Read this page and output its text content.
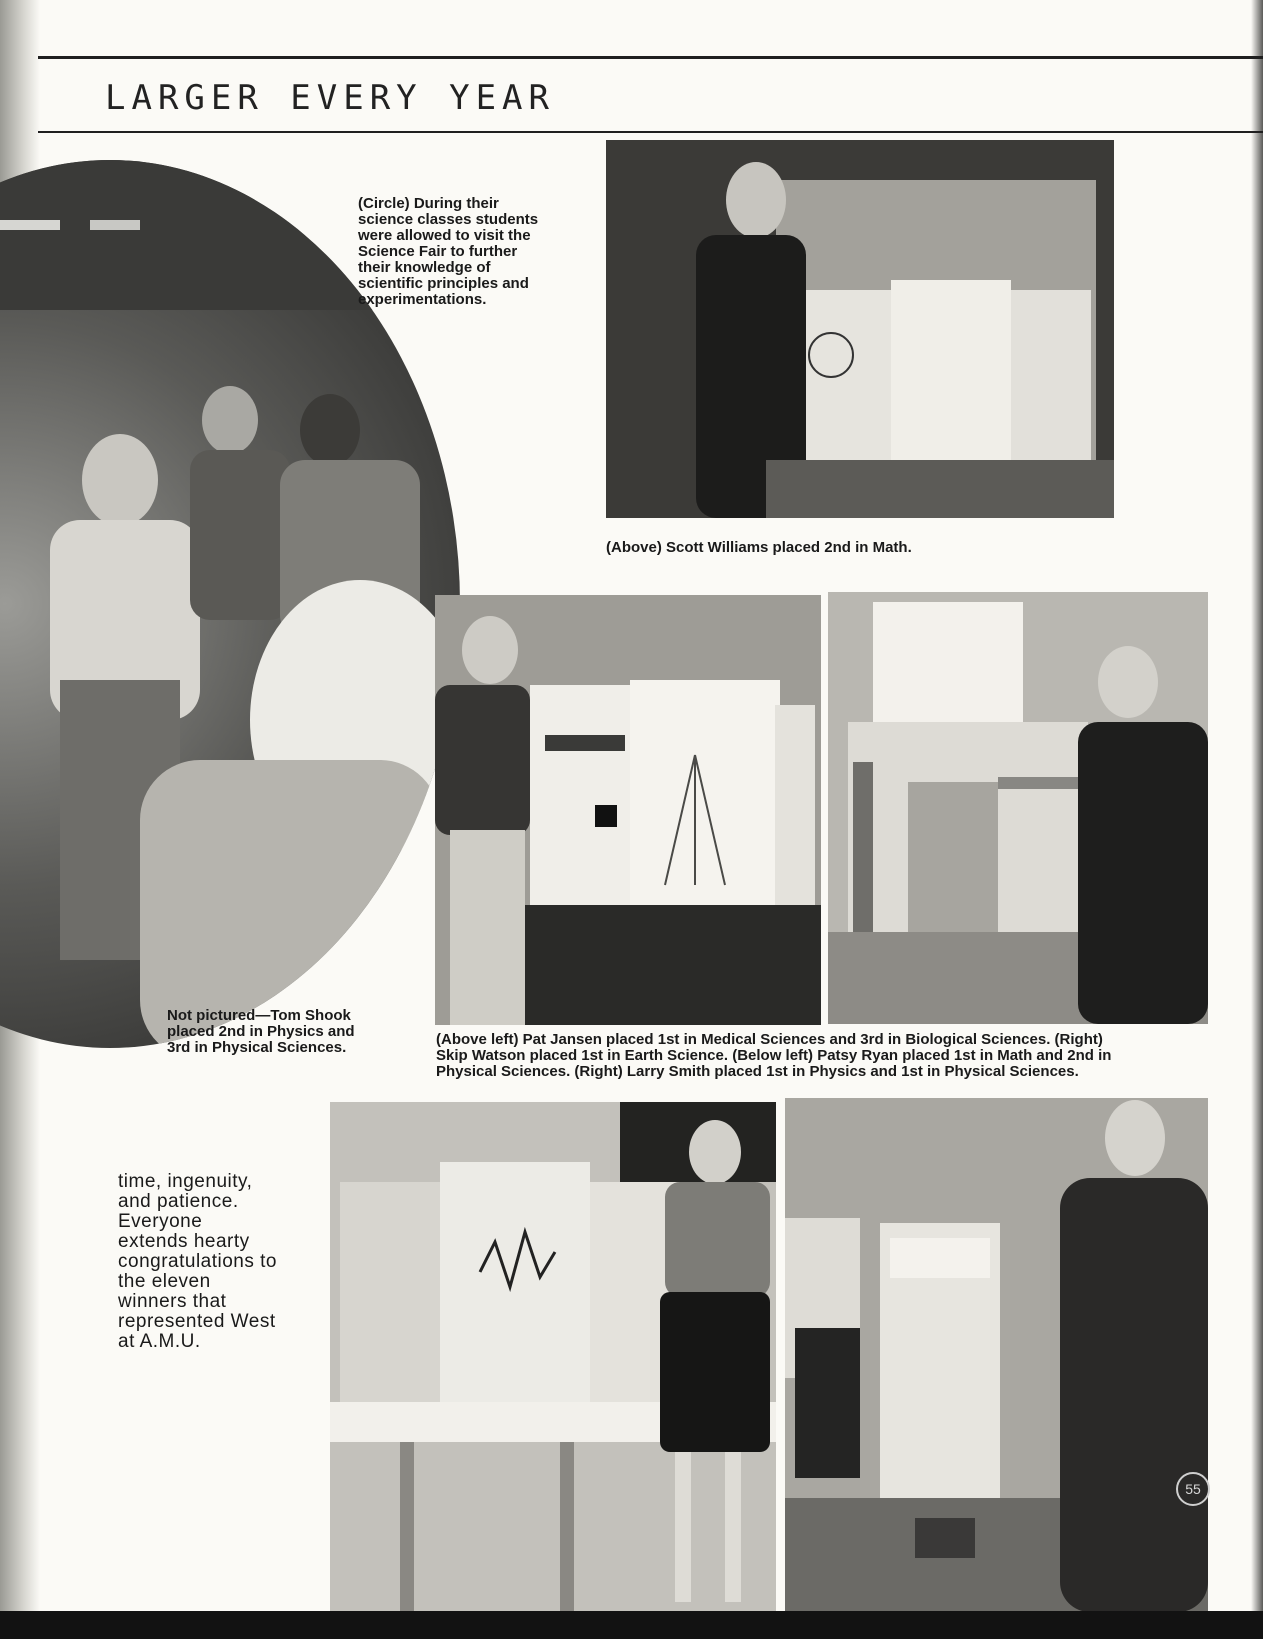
LARGER EVERY YEAR

(Circle) During their science classes students were allowed to visit the Science Fair to further their knowledge of scientific principles and experimentations.

(Above) Scott Williams placed 2nd in Math.

Not pictured—Tom Shook placed 2nd in Physics and 3rd in Physical Sciences.	(Above left) Pat Jansen placed 1st in Medical Sciences and 3rd in Biological Sciences. (Right) Skip Watson placed 1st in Earth Science. (Below left) Patsy Ryan placed 1st in Math and 2nd in Physical Sciences. (Right) Larry Smith placed 1st in Physics and 1st in Physical Sciences.

time, ingenuity, and patience. Everyone extends hearty congratulations to the eleven winners that represented West at A.M.U.

55
